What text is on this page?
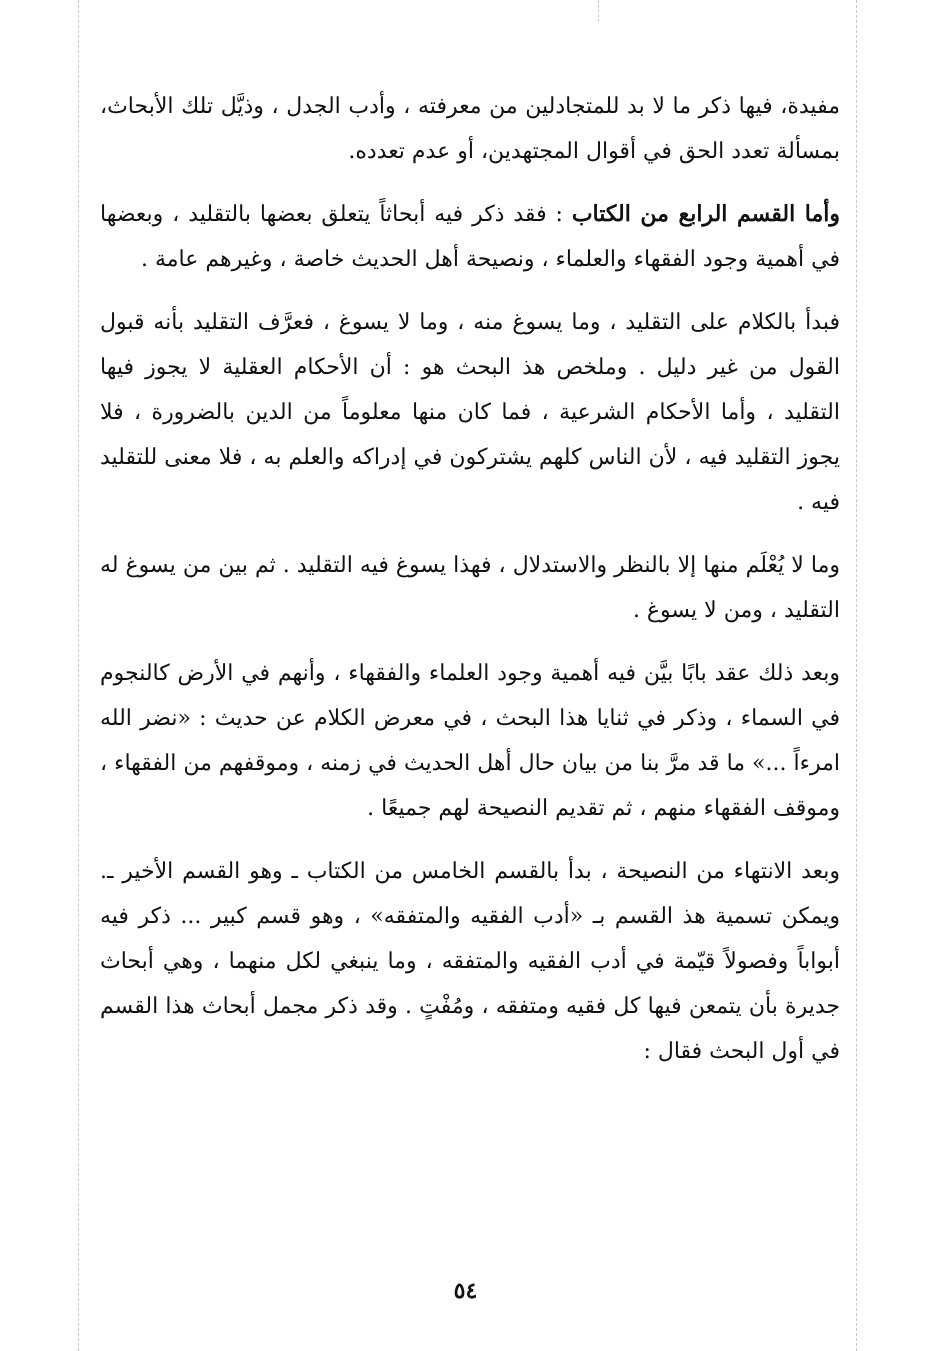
مفيدة، فيها ذكر ما لا بد للمتجادلين من معرفته ، وأدب الجدل ، وذيَّل تلك الأبحاث، بمسألة تعدد الحق في أقوال المجتهدين، أو عدم تعدده.

وأما القسم الرابع من الكتاب : فقد ذكر فيه أبحاثاً يتعلق بعضها بالتقليد ، وبعضها في أهمية وجود الفقهاء والعلماء ، ونصيحة أهل الحديث خاصة ، وغيرهم عامة .

فبدأ بالكلام على التقليد ، وما يسوغ منه ، وما لا يسوغ ، فعرَّف التقليد بأنه قبول القول من غير دليل . وملخص هذ البحث هو : أن الأحكام العقلية لا يجوز فيها التقليد ، وأما الأحكام الشرعية ، فما كان منها معلوماً من الدين بالضرورة ، فلا يجوز التقليد فيه ، لأن الناس كلهم يشتركون في إدراكه والعلم به ، فلا معنى للتقليد فيه .

وما لا يُعْلَم منها إلا بالنظر والاستدلال ، فهذا يسوغ فيه التقليد . ثم بين من يسوغ له التقليد ، ومن لا يسوغ .

وبعد ذلك عقد بابًا بيَّن فيه أهمية وجود العلماء والفقهاء ، وأنهم في الأرض كالنجوم في السماء ، وذكر في ثنايا هذا البحث ، في معرض الكلام عن حديث : «نضر الله امرءاً ...» ما قد مرَّ بنا من بيان حال أهل الحديث في زمنه ، وموقفهم من الفقهاء ، وموقف الفقهاء منهم ، ثم تقديم النصيحة لهم جميعًا .

وبعد الانتهاء من النصيحة ، بدأ بالقسم الخامس من الكتاب ـ وهو القسم الأخير ـ. ويمكن تسمية هذ القسم بـ «أدب الفقيه والمتفقه» ، وهو قسم كبير ... ذكر فيه أبواباً وفصولاً قيّمة في أدب الفقيه والمتفقه ، وما ينبغي لكل منهما ، وهي أبحاث جديرة بأن يتمعن فيها كل فقيه ومتفقه ، ومُفْتٍ . وقد ذكر مجمل أبحاث هذا القسم في أول البحث فقال :

٥٤
